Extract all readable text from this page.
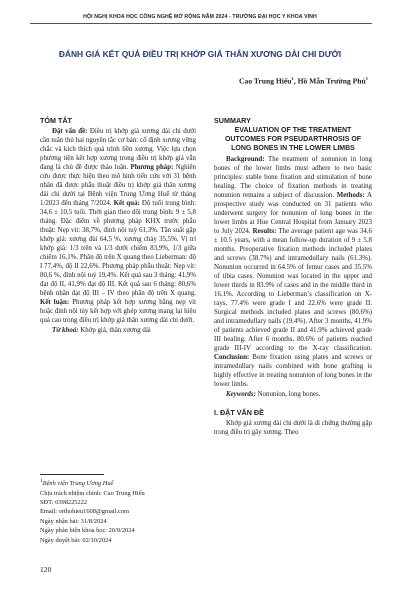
HỘI NGHỊ KHOA HỌC CÔNG NGHỆ MỞ RỘNG NĂM 2024 - TRƯỜNG ĐẠI HỌC Y KHOA VINH
ĐÁNH GIÁ KẾT QUẢ ĐIỀU TRỊ KHỚP GIẢ THÂN XƯƠNG DÀI CHI DƯỚI
Cao Trung Hiếu$^1$, Hồ Mẫn Trường Phú$^1$

TÓM TẮT

Đặt vấn đề: Điều trị khớp giả xương dài chi dưới cần tuân thủ hai nguyên tắc cơ bản: cố định xương vững chắc và kích thích quá trình liền xương. Việc lựa chọn phương tiện kết hợp xương trong điều trị khớp giả vẫn đang là chủ đề được thảo luận. Phương pháp: Nghiên cứu được thực hiện theo mô hình tiến cứu với 31 bệnh nhân đã được phẫu thuật điều trị khớp giả thân xương dài chi dưới tại Bệnh viện Trung Ương Huế từ tháng 1/2023 đến tháng 7/2024. Kết quả: Độ tuổi trung bình: 34,6 ± 10,5 tuổi. Thời gian theo dõi trung bình: 9 ± 5,8 tháng. Đặc điểm về phương pháp KHX trước phẫu thuật: Nẹp vít: 38,7%, đinh nội tuỷ 61,3%. Tần suất gặp khớp giả: xương đùi 64,5 %, xương chày 35,5%. Vị trí khớp giả: 1/3 trên và 1/3 dưới chiếm 83,9%, 1/3 giữa chiếm 16,1%. Phân độ trên X quang theo Lieberman: độ I 77,4%, độ II 22,6%. Phương pháp phẫu thuật: Nẹp vít: 80,6 %, đinh nội tuỷ 19,4%. Kết quả sau 3 tháng: 41,9% đạt độ II, 41,9% đạt độ III. Kết quả sau 6 tháng: 80,6% bệnh nhân đạt độ III – IV theo phân độ trên X quang. Kết luận: Phương pháp kết hợp xương bằng nẹp vít hoặc đinh nội tủy kết hợp với ghép xương mang lại hiệu quả cao trong điều trị khớp giả thân xương dài chi dưới.

Từ khoá: Khớp giả, thân xương dài

$^1$Bệnh viện Trung Ương Huế
Chịu trách nhiệm chính: Cao Trung Hiếu
SĐT: 0398225222
Email: orthohieu1608@gmail.com
Ngày nhận bài: 31/8/2024
Ngày phản biện khoa học: 20/9/2024
Ngày duyệt bài: 02/10/2024
120

SUMMARY

EVALUATION OF THE TREATMENT OUTCOMES FOR PSEUDARTHROSIS OF LONG BONES IN THE LOWER LIMBS

Background: The treatment of nonunion in long bones of the lower limbs must adhere to two basic principles: stable bone fixation and stimulation of bone healing. The choice of fixation methods in treating nonunion remains a subject of discussion. Methods: A prospective study was conducted on 31 patients who underwent surgery for nonunion of long bones in the lower limbs at Hue Central Hospital from January 2023 to July 2024. Results: The average patient age was 34.6 ± 10.5 years, with a mean follow-up duration of 9 ± 5.8 months. Preoperative fixation methods included plates and screws (38.7%) and intramedullary nails (61.3%). Nonunion occurred in 64.5% of femur cases and 35.5% of tibia cases. Nonunion was located in the upper and lower thirds in 83.9% of cases and in the middle third in 16.1%. According to Lieberman’s classification on X-rays, 77.4% were grade I and 22.6% were grade II. Surgical methods included plates and screws (80.6%) and intramedullary nails (19.4%). After 3 months, 41.9% of patients achieved grade II and 41.9% achieved grade III healing. After 6 months, 80.6% of patients reached grade III-IV according to the X-ray classification. Conclusion: Bone fixation using plates and screws or intramedullary nails combined with bone grafting is highly effective in treating nonunion of long bones in the lower limbs.

Keywords: Nonunion, long bones.

I. ĐẶT VẤN ĐỀ

Khớp giả xương dài chi dưới là di chứng thường gặp trong điều trị gãy xương. Theo
